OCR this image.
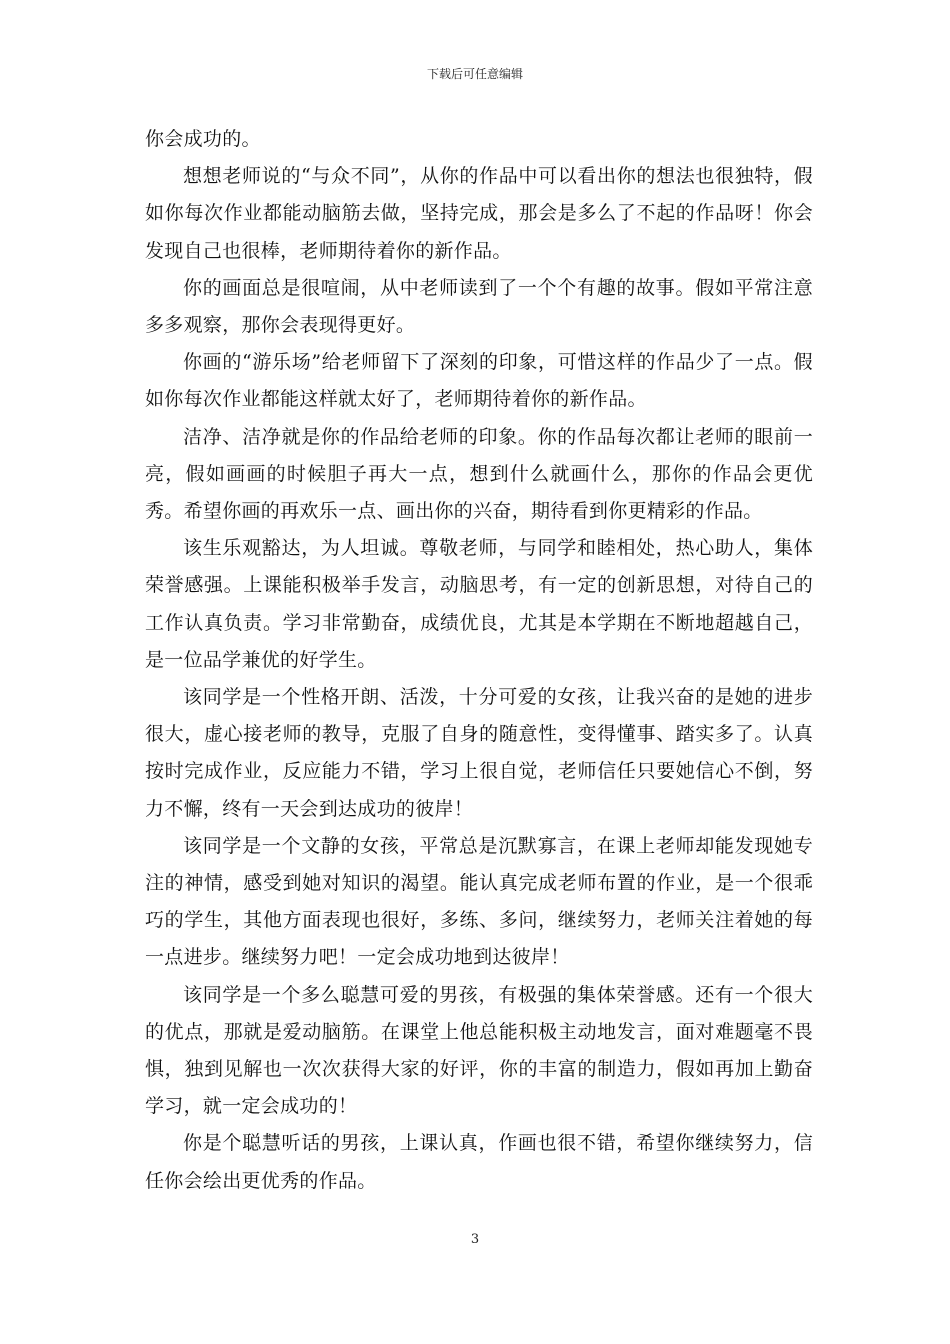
下载后可任意编辑

你会成功的。

想想老师说的“与众不同”，从你的作品中可以看出你的想法也很独特，假如你每次作业都能动脑筋去做，坚持完成，那会是多么了不起的作品呀！你会发现自己也很棒，老师期待着你的新作品。

你的画面总是很喧闹，从中老师读到了一个个有趣的故事。假如平常注意多多观察，那你会表现得更好。

你画的“游乐场”给老师留下了深刻的印象，可惜这样的作品少了一点。假如你每次作业都能这样就太好了，老师期待着你的新作品。

洁净、洁净就是你的作品给老师的印象。你的作品每次都让老师的眼前一亮，假如画画的时候胆子再大一点，想到什么就画什么，那你的作品会更优秀。希望你画的再欢乐一点、画出你的兴奋，期待看到你更精彩的作品。

该生乐观豁达，为人坦诚。尊敬老师，与同学和睦相处，热心助人，集体荣誉感强。上课能积极举手发言，动脑思考，有一定的创新思想，对待自己的工作认真负责。学习非常勤奋，成绩优良，尤其是本学期在不断地超越自己，是一位品学兼优的好学生。

该同学是一个性格开朗、活泼，十分可爱的女孩，让我兴奋的是她的进步很大，虚心接老师的教导，克服了自身的随意性，变得懂事、踏实多了。认真按时完成作业，反应能力不错，学习上很自觉，老师信任只要她信心不倒，努力不懈，终有一天会到达成功的彼岸！

该同学是一个文静的女孩，平常总是沉默寡言，在课上老师却能发现她专注的神情，感受到她对知识的渴望。能认真完成老师布置的作业，是一个很乖巧的学生，其他方面表现也很好，多练、多问，继续努力，老师关注着她的每一点进步。继续努力吧！一定会成功地到达彼岸！

该同学是一个多么聪慧可爱的男孩，有极强的集体荣誉感。还有一个很大的优点，那就是爱动脑筋。在课堂上他总能积极主动地发言，面对难题毫不畏惧，独到见解也一次次获得大家的好评，你的丰富的制造力，假如再加上勤奋学习，就一定会成功的！

你是个聪慧听话的男孩，上课认真，作画也很不错，希望你继续努力，信任你会绘出更优秀的作品。

3
